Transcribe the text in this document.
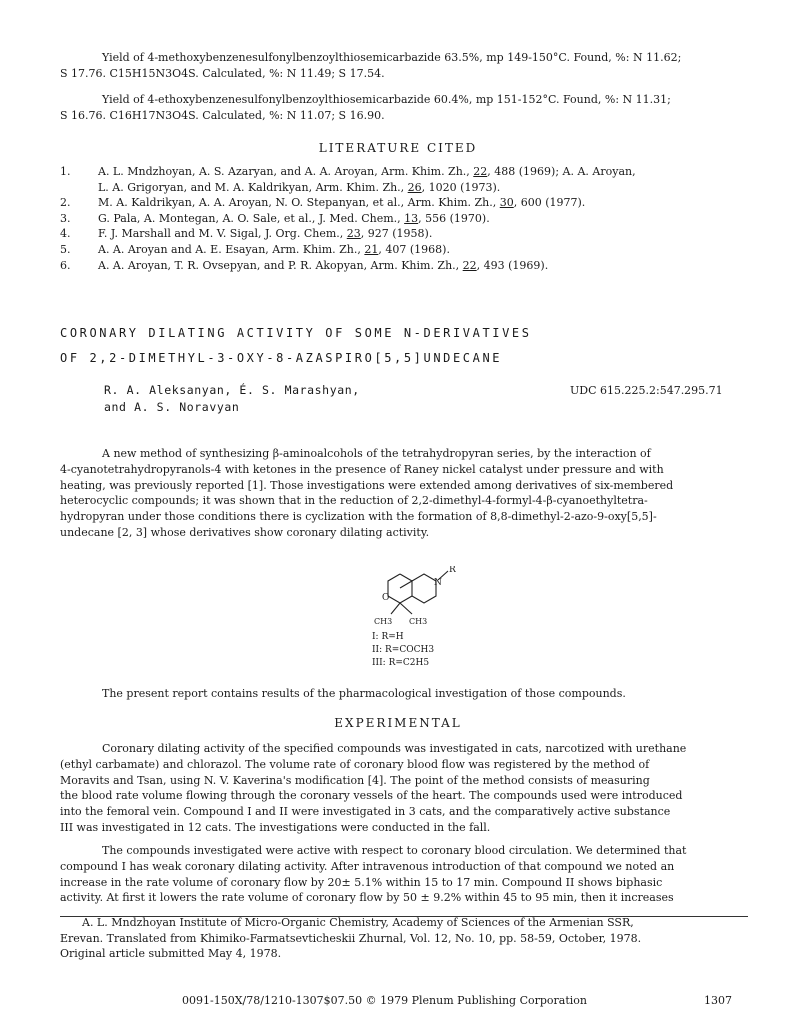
Yield of 4-methoxybenzenesulfonylbenzoylthiosemicarbazide 63.5%, mp 149-150°C. Found, %: N 11.62;
S 17.76. C15H15N3O4S. Calculated, %: N 11.49; S 17.54.
Yield of 4-ethoxybenzenesulfonylbenzoylthiosemicarbazide 60.4%, mp 151-152°C. Found, %: N 11.31;
S 16.76. C16H17N3O4S. Calculated, %: N 11.07; S 16.90.
LITERATURE CITED
1.	A. L. Mndzhoyan, A. S. Azaryan, and A. A. Aroyan, Arm. Khim. Zh., 22, 488 (1969); A. A. Aroyan,
L. A. Grigoryan, and M. A. Kaldrikyan, Arm. Khim. Zh., 26, 1020 (1973).
2.	M. A. Kaldrikyan, A. A. Aroyan, N. O. Stepanyan, et al., Arm. Khim. Zh., 30, 600 (1977).
3.	G. Pala, A. Montegan, A. O. Sale, et al., J. Med. Chem., 13, 556 (1970).
4.	F. J. Marshall and M. V. Sigal, J. Org. Chem., 23, 927 (1958).
5.	A. A. Aroyan and A. E. Esayan, Arm. Khim. Zh., 21, 407 (1968).
6.	A. A. Aroyan, T. R. Ovsepyan, and P. R. Akopyan, Arm. Khim. Zh., 22, 493 (1969).
CORONARY DILATING ACTIVITY OF SOME N-DERIVATIVES
OF 2,2-DIMETHYL-3-OXY-8-AZASPIRO[5,5]UNDECANE
R. A. Aleksanyan, É. S. Marashyan,
and A. S. Noravyan
UDC 615.225.2:547.295.71
A new method of synthesizing β-aminoalcohols of the tetrahydropyran series, by the interaction of
4-cyanotetrahydropyranols-4 with ketones in the presence of Raney nickel catalyst under pressure and with
heating, was previously reported [1]. Those investigations were extended among derivatives of six-membered
heterocyclic compounds; it was shown that in the reduction of 2,2-dimethyl-4-formyl-4-β-cyanoethyltetra-
hydropyran under those conditions there is cyclization with the formation of 8,8-dimethyl-2-azo-9-oxy[5,5]-
undecane [2, 3] whose derivatives show coronary dilating activity.
R
N
O
CH3 CH3
I: R=H
II: R=COCH3
III: R=C2H5
The present report contains results of the pharmacological investigation of those compounds.
EXPERIMENTAL
Coronary dilating activity of the specified compounds was investigated in cats, narcotized with urethane
(ethyl carbamate) and chlorazol. The volume rate of coronary blood flow was registered by the method of
Moravits and Tsan, using N. V. Kaverina's modification [4]. The point of the method consists of measuring
the blood rate volume flowing through the coronary vessels of the heart. The compounds used were introduced
into the femoral vein. Compound I and II were investigated in 3 cats, and the comparatively active substance
III was investigated in 12 cats. The investigations were conducted in the fall.
The compounds investigated were active with respect to coronary blood circulation. We determined that
compound I has weak coronary dilating activity. After intravenous introduction of that compound we noted an
increase in the rate volume of coronary flow by 20± 5.1% within 15 to 17 min. Compound II shows biphasic
activity. At first it lowers the rate volume of coronary flow by 50 ± 9.2% within 45 to 95 min, then it increases
A. L. Mndzhoyan Institute of Micro-Organic Chemistry, Academy of Sciences of the Armenian SSR,
Erevan. Translated from Khimiko-Farmatsevticheskii Zhurnal, Vol. 12, No. 10, pp. 58-59, October, 1978.
Original article submitted May 4, 1978.
0091-150X/78/1210-1307$07.50 © 1979 Plenum Publishing Corporation	1307
